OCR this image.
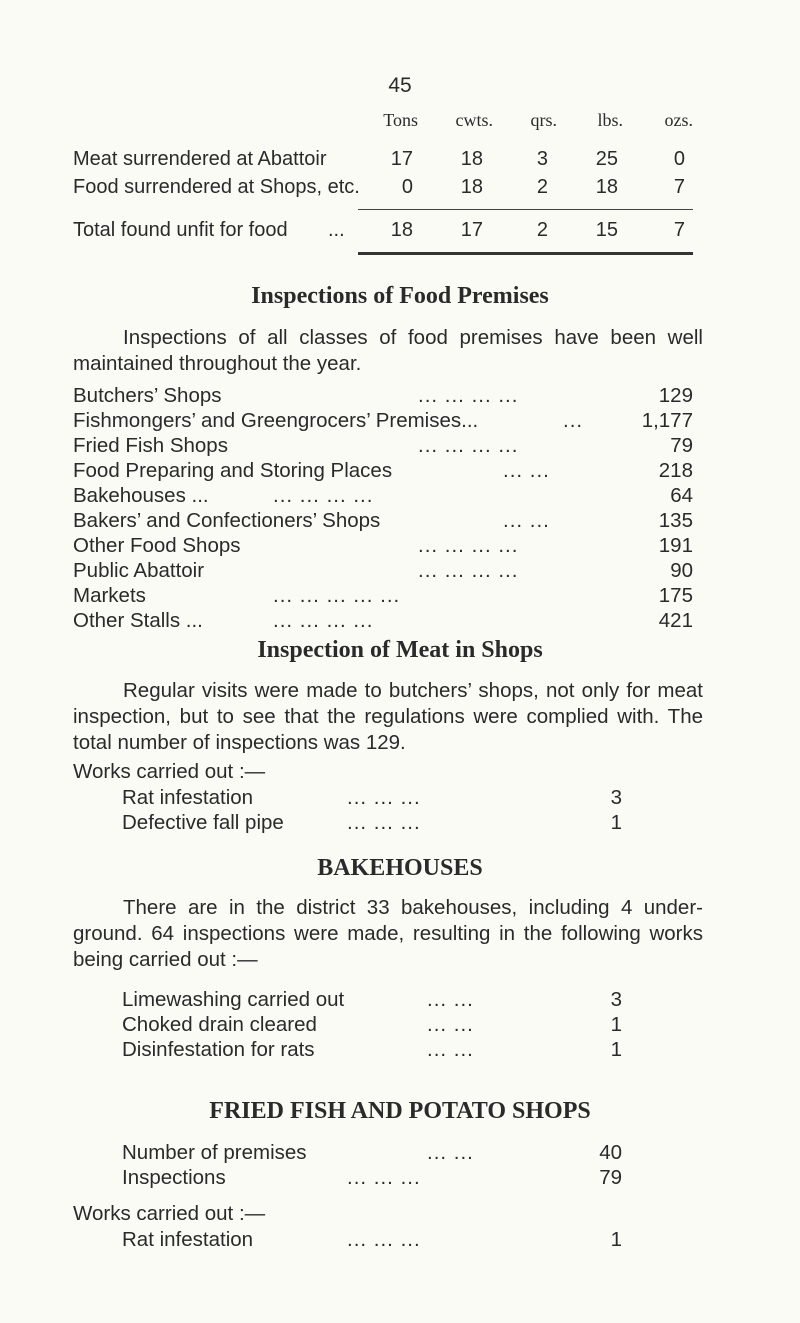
45
Tons	cwts.	qrs.	lbs.	ozs.
Meat surrendered at Abattoir	17	18	3	25	0
Food surrendered at Shops, etc.	0	18	2	18	7
Total found unfit for food ...	18	17	2	15	7
Inspections of Food Premises
Inspections of all classes of food premises have been well maintained throughout the year.
Butchers’ Shops	... ... ... ...	129
Fishmongers’ and Greengrocers’ Premises...	...	1,177
Fried Fish Shops	... ... ... ...	79
Food Preparing and Storing Places	... ...	218
Bakehouses ...	... ... ... ...	64
Bakers’ and Confectioners’ Shops	... ...	135
Other Food Shops	... ... ... ...	191
Public Abattoir	... ... ... ...	90
Markets	... ... ... ... ...	175
Other Stalls ...	... ... ... ...	421
Inspection of Meat in Shops
Regular visits were made to butchers’ shops, not only for meat inspection, but to see that the regulations were complied with. The total number of inspections was 129.
Works carried out :—
Rat infestation	... ... ...	3
Defective fall pipe	... ... ...	1
BAKEHOUSES
There are in the district 33 bakehouses, including 4 under-ground. 64 inspections were made, resulting in the following works being carried out :—
Limewashing carried out	... ...	3
Choked drain cleared	... ...	1
Disinfestation for rats	... ...	1
FRIED FISH AND POTATO SHOPS
Number of premises	... ...	40
Inspections	... ... ...	79
Works carried out :—
Rat infestation	... ... ...	1
